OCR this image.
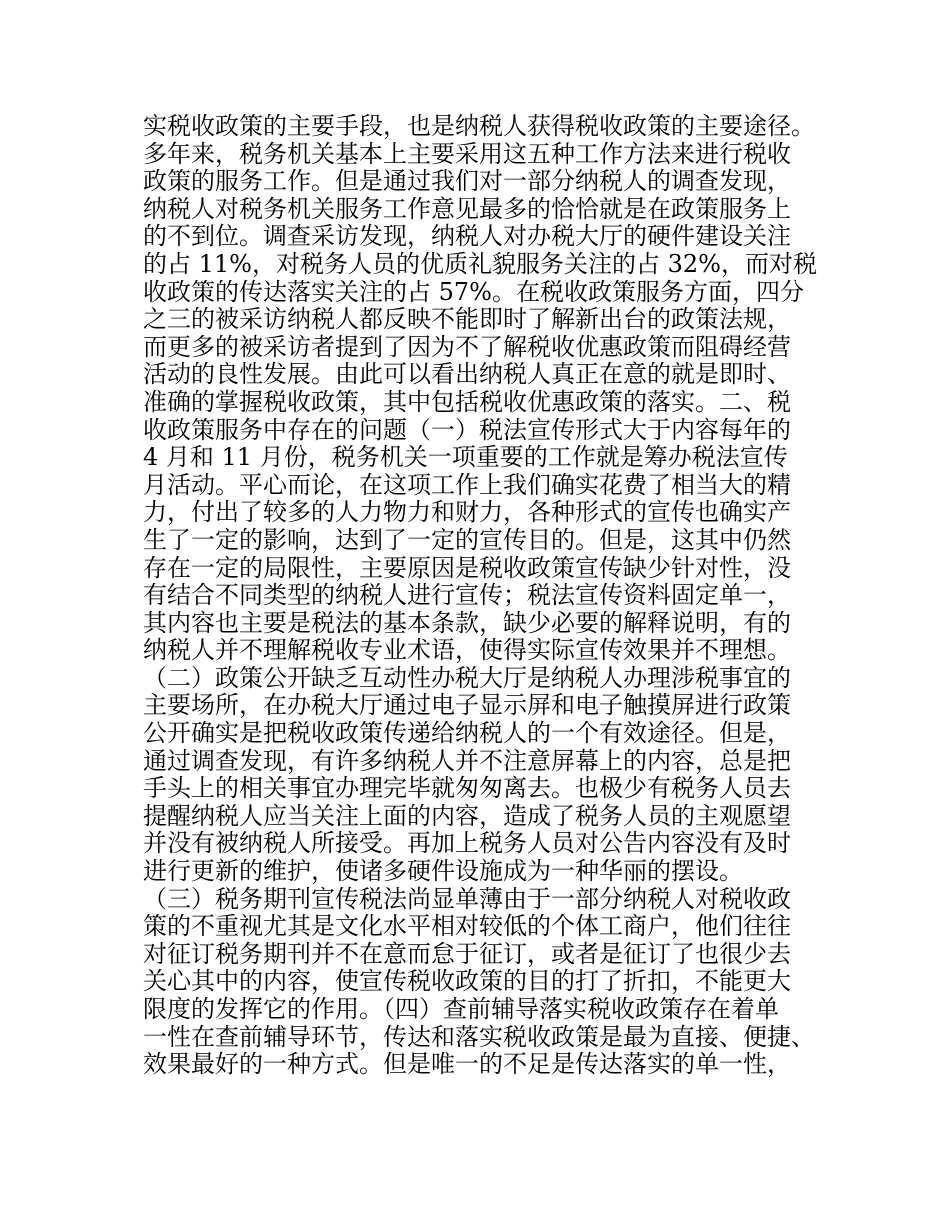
实税收政策的主要手段，也是纳税人获得税收政策的主要途径。
多年来，税务机关基本上主要采用这五种工作方法来进行税收
政策的服务工作。但是通过我们对一部分纳税人的调查发现，
纳税人对税务机关服务工作意见最多的恰恰就是在政策服务上
的不到位。调查采访发现，纳税人对办税大厅的硬件建设关注
的占 11%，对税务人员的优质礼貌服务关注的占 32%，而对税
收政策的传达落实关注的占 57%。在税收政策服务方面，四分
之三的被采访纳税人都反映不能即时了解新出台的政策法规，
而更多的被采访者提到了因为不了解税收优惠政策而阻碍经营
活动的良性发展。由此可以看出纳税人真正在意的就是即时、
准确的掌握税收政策，其中包括税收优惠政策的落实。二、税
收政策服务中存在的问题（一）税法宣传形式大于内容每年的
4 月和 11 月份，税务机关一项重要的工作就是筹办税法宣传
月活动。平心而论，在这项工作上我们确实花费了相当大的精
力，付出了较多的人力物力和财力，各种形式的宣传也确实产
生了一定的影响，达到了一定的宣传目的。但是，这其中仍然
存在一定的局限性，主要原因是税收政策宣传缺少针对性，没
有结合不同类型的纳税人进行宣传；税法宣传资料固定单一，
其内容也主要是税法的基本条款，缺少必要的解释说明，有的
纳税人并不理解税收专业术语，使得实际宣传效果并不理想。
（二）政策公开缺乏互动性办税大厅是纳税人办理涉税事宜的
主要场所，在办税大厅通过电子显示屏和电子触摸屏进行政策
公开确实是把税收政策传递给纳税人的一个有效途径。但是，
通过调查发现，有许多纳税人并不注意屏幕上的内容，总是把
手头上的相关事宜办理完毕就匆匆离去。也极少有税务人员去
提醒纳税人应当关注上面的内容，造成了税务人员的主观愿望
并没有被纳税人所接受。再加上税务人员对公告内容没有及时
进行更新的维护，使诸多硬件设施成为一种华丽的摆设。
（三）税务期刊宣传税法尚显单薄由于一部分纳税人对税收政
策的不重视尤其是文化水平相对较低的个体工商户，他们往往
对征订税务期刊并不在意而怠于征订，或者是征订了也很少去
关心其中的内容，使宣传税收政策的目的打了折扣，不能更大
限度的发挥它的作用。（四）查前辅导落实税收政策存在着单
一性在查前辅导环节，传达和落实税收政策是最为直接、便捷、
效果最好的一种方式。但是唯一的不足是传达落实的单一性，
